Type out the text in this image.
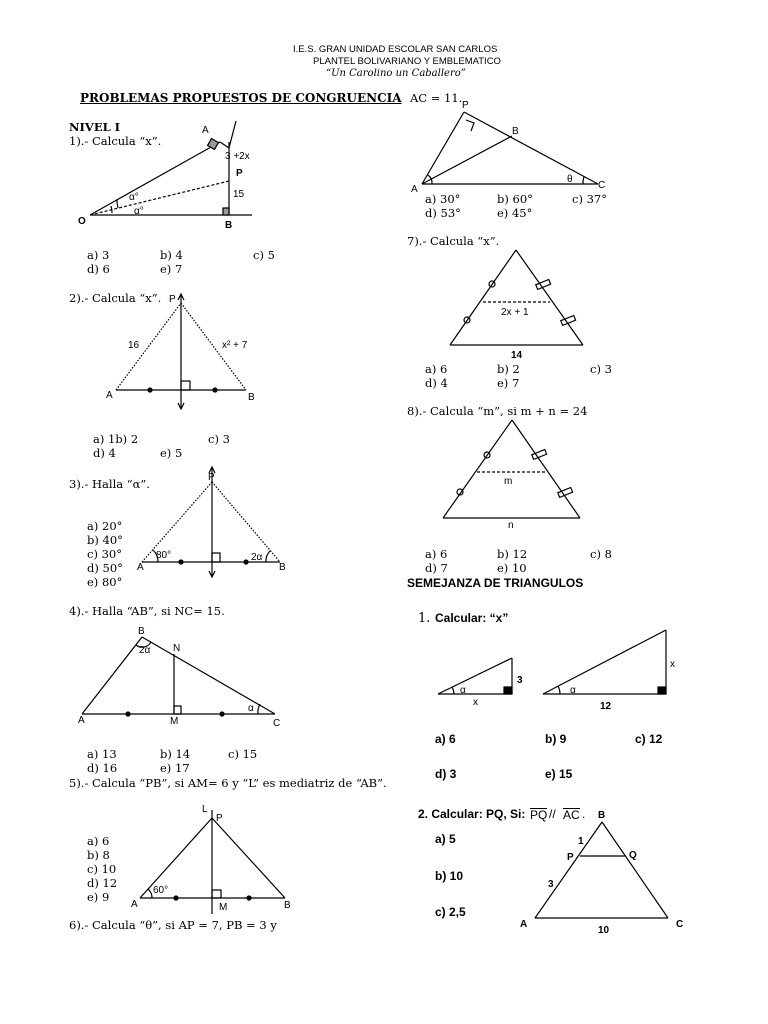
I.E.S. GRAN UNIDAD ESCOLAR SAN CARLOS
PLANTEL BOLIVARIANO Y EMBLEMATICO
“Un Carolino un Caballero”
PROBLEMAS PROPUESTOS DE CONGRUENCIA
NIVEL I
1).- Calcula “x”.
a) 3	b) 4	c) 5
d) 6	e) 7
2).- Calcula “x”.
a) 1b) 2	c) 3
d) 4	e) 5
3).- Halla “α”.
a) 20°
b) 40°
c) 30°
d) 50°
e) 80°
4).- Halla “AB”, si NC= 15.
a) 13	b) 14	c) 15
d) 16	e) 17
5).- Calcula “PB”, si AM= 6 y “L” es mediatriz de “AB”.
a) 6
b) 8
c) 10
d) 12
e) 9
6).- Calcula “θ”, si AP = 7, PB = 3 y
AC = 11.
a) 30°	b) 60°	c) 37°
d) 53°	e) 45°
7).- Calcula “x”.
a) 6	b) 2	c) 3
d) 4	e) 7
8).- Calcula “m”, si m + n = 24
a) 6	b) 12	c) 8
d) 7	e) 10
SEMEJANZA DE TRIANGULOS
1. Calcular: “x”
a) 6	b) 9	c) 12
d) 3	e) 15
2. Calcular: PQ, Si: PQ // AC .
a) 5
b) 10
c) 2,5
A
P
O	B
3 +2x
15
α°
α°
P
A	B
16	x² + 7
P
A	B
80°	2α
B
N
A	M	C
2α
α
L
P
A	M	B
60°
P
B
A	C
θ
2x + 1
14
m
n
3
x
x
12
α	α
B
P	Q
A	C
1
3
10
